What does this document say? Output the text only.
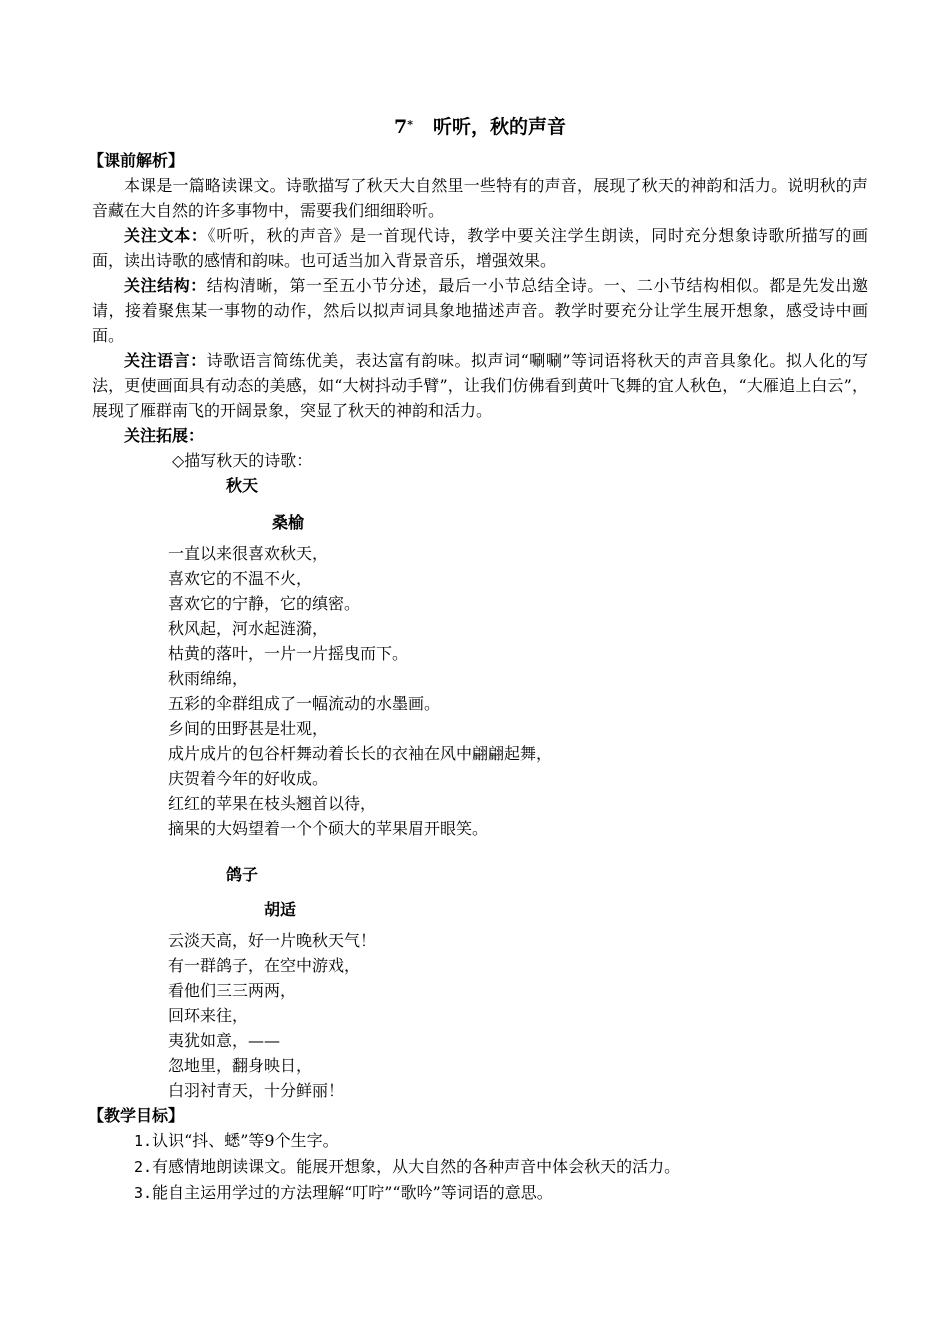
7* 听听，秋的声音
【课前解析】

本课是一篇略读课文。诗歌描写了秋天大自然里一些特有的声音，展现了秋天的神韵和活力。说明秋的声音藏在大自然的许多事物中，需要我们细细聆听。

关注文本：《听听，秋的声音》是一首现代诗，教学中要关注学生朗读，同时充分想象诗歌所描写的画面，读出诗歌的感情和韵味。也可适当加入背景音乐，增强效果。

关注结构：结构清晰，第一至五小节分述，最后一小节总结全诗。一、二小节结构相似。都是先发出邀请，接着聚焦某一事物的动作，然后以拟声词具象地描述声音。教学时要充分让学生展开想象，感受诗中画面。

关注语言：诗歌语言简练优美，表达富有韵味。拟声词“唰唰”等词语将秋天的声音具象化。拟人化的写法，更使画面具有动态的美感，如“大树抖动手臂”，让我们仿佛看到黄叶飞舞的宜人秋色，“大雁追上白云”，展现了雁群南飞的开阔景象，突显了秋天的神韵和活力。

关注拓展：

◇描写秋天的诗歌：
秋天
桑榆
一直以来很喜欢秋天，
喜欢它的不温不火，
喜欢它的宁静，它的缜密。
秋风起，河水起涟漪，
枯黄的落叶，一片一片摇曳而下。
秋雨绵绵，
五彩的伞群组成了一幅流动的水墨画。
乡间的田野甚是壮观，
成片成片的包谷杆舞动着长长的衣袖在风中翩翩起舞，
庆贺着今年的好收成。
红红的苹果在枝头翘首以待，
摘果的大妈望着一个个硕大的苹果眉开眼笑。
鸽子
胡适
云淡天高，好一片晚秋天气！
有一群鸽子，在空中游戏，
看他们三三两两，
回环来往，
夷犹如意，——
忽地里，翻身映日，
白羽衬青天，十分鲜丽！
【教学目标】
1.认识“抖、蟋”等9个生字。
2.有感情地朗读课文。能展开想象，从大自然的各种声音中体会秋天的活力。
3.能自主运用学过的方法理解“叮咛”“歌吟”等词语的意思。
